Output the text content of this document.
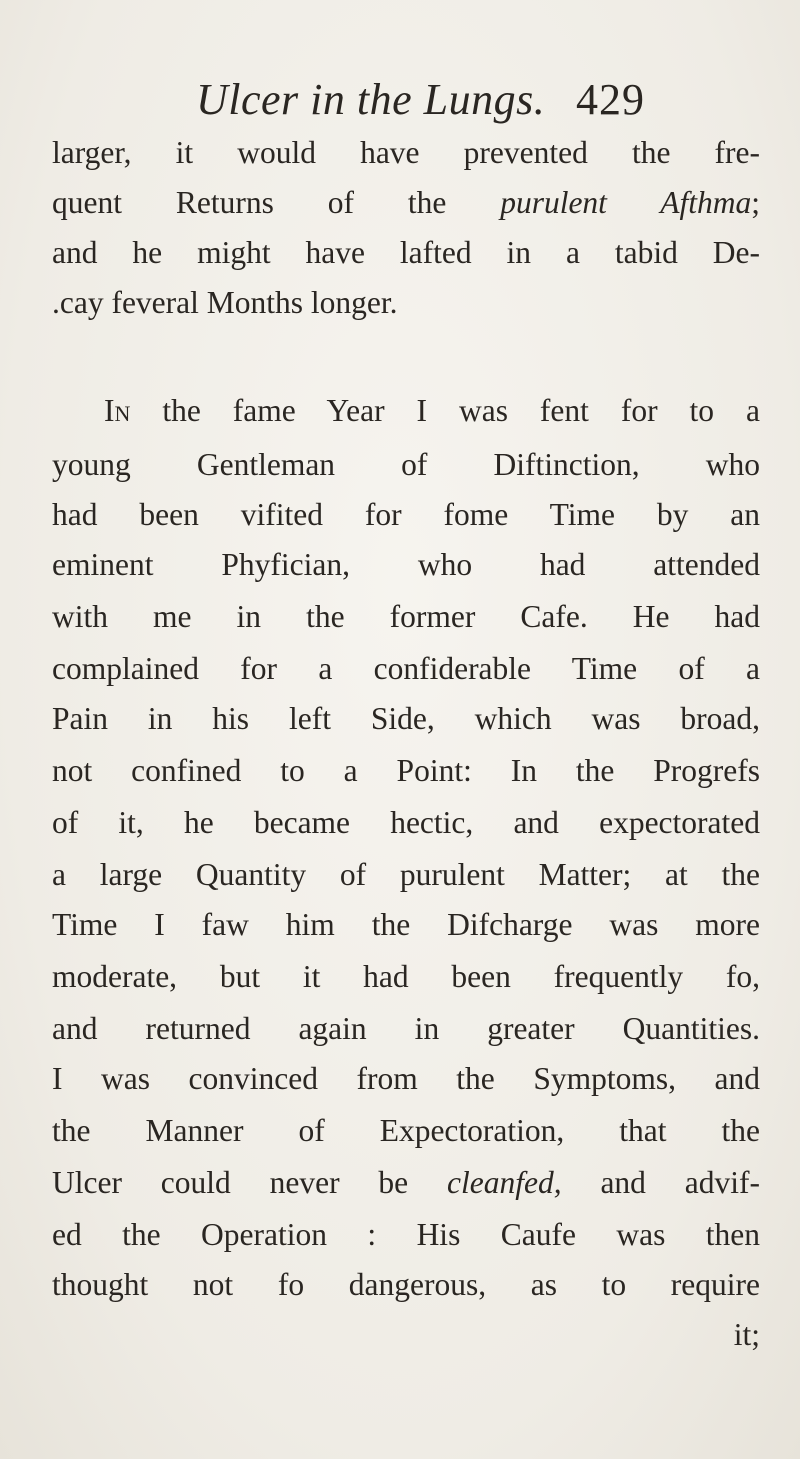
Ulcer in the Lungs. 429
larger, it would have prevented the fre-
quent Returns of the purulent Afthma;
and he might have lafted in a tabid De-
.cay feveral Months longer.
In the fame Year I was fent for to a
young Gentleman of Diftinction, who
had been vifited for fome Time by an
eminent Phyfician, who had attended
with me in the former Cafe. He had
complained for a confiderable Time of a
Pain in his left Side, which was broad,
not confined to a Point: In the Progrefs
of it, he became hectic, and expectorated
a large Quantity of purulent Matter; at the
Time I faw him the Difcharge was more
moderate, but it had been frequently fo,
and returned again in greater Quantities.
I was convinced from the Symptoms, and
the Manner of Expectoration, that the
Ulcer could never be cleanfed, and advif-
ed the Operation : His Caufe was then
thought not fo dangerous, as to require
it;
